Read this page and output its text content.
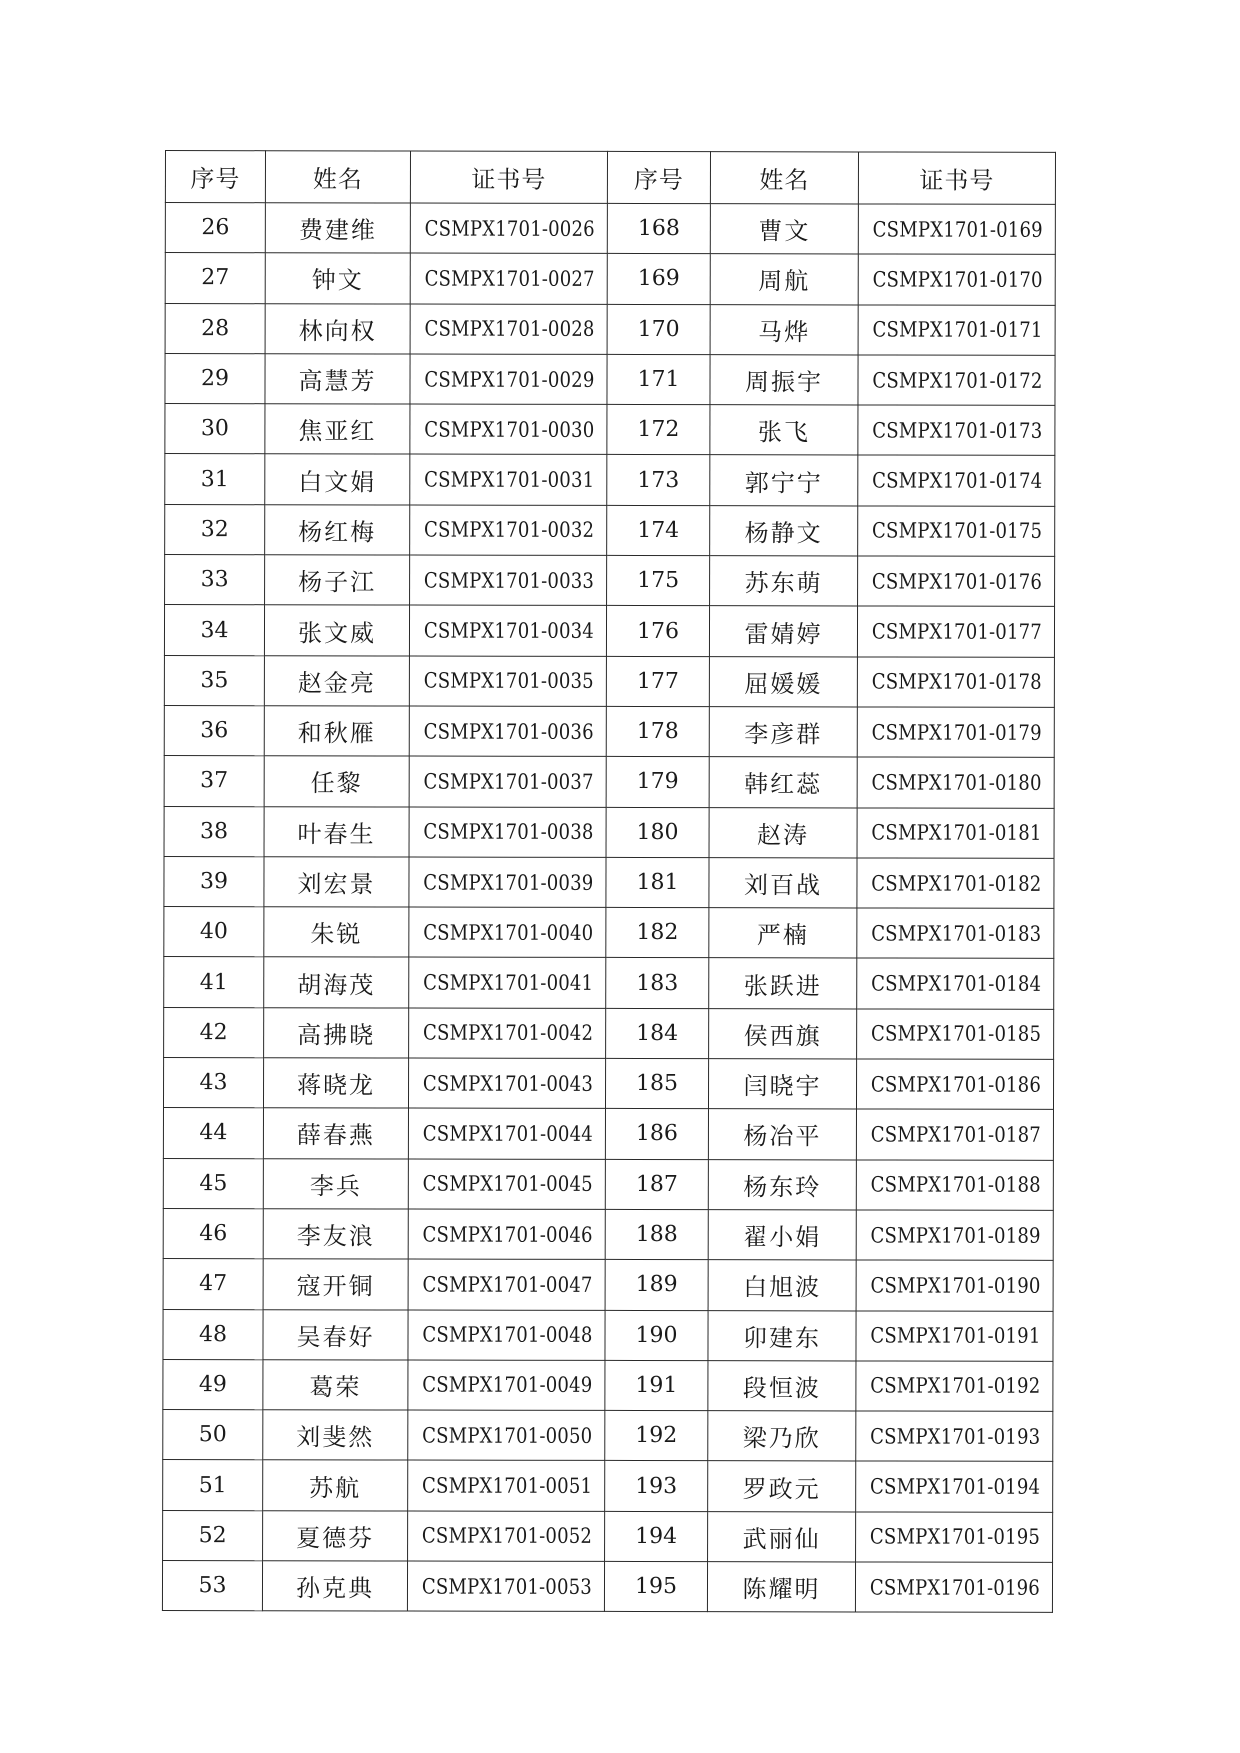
序号	姓名	证书号	序号	姓名	证书号
26	费建维	CSMPX1701-0026	168	曹文	CSMPX1701-0169
27	钟文	CSMPX1701-0027	169	周航	CSMPX1701-0170
28	林向权	CSMPX1701-0028	170	马烨	CSMPX1701-0171
29	高慧芳	CSMPX1701-0029	171	周振宇	CSMPX1701-0172
30	焦亚红	CSMPX1701-0030	172	张飞	CSMPX1701-0173
31	白文娟	CSMPX1701-0031	173	郭宁宁	CSMPX1701-0174
32	杨红梅	CSMPX1701-0032	174	杨静文	CSMPX1701-0175
33	杨子江	CSMPX1701-0033	175	苏东萌	CSMPX1701-0176
34	张文威	CSMPX1701-0034	176	雷婧婷	CSMPX1701-0177
35	赵金亮	CSMPX1701-0035	177	屈媛媛	CSMPX1701-0178
36	和秋雁	CSMPX1701-0036	178	李彦群	CSMPX1701-0179
37	任黎	CSMPX1701-0037	179	韩红蕊	CSMPX1701-0180
38	叶春生	CSMPX1701-0038	180	赵涛	CSMPX1701-0181
39	刘宏景	CSMPX1701-0039	181	刘百战	CSMPX1701-0182
40	朱锐	CSMPX1701-0040	182	严楠	CSMPX1701-0183
41	胡海茂	CSMPX1701-0041	183	张跃进	CSMPX1701-0184
42	高拂晓	CSMPX1701-0042	184	侯西旗	CSMPX1701-0185
43	蒋晓龙	CSMPX1701-0043	185	闫晓宇	CSMPX1701-0186
44	薛春燕	CSMPX1701-0044	186	杨冶平	CSMPX1701-0187
45	李兵	CSMPX1701-0045	187	杨东玲	CSMPX1701-0188
46	李友浪	CSMPX1701-0046	188	翟小娟	CSMPX1701-0189
47	寇开铜	CSMPX1701-0047	189	白旭波	CSMPX1701-0190
48	吴春好	CSMPX1701-0048	190	卯建东	CSMPX1701-0191
49	葛荣	CSMPX1701-0049	191	段恒波	CSMPX1701-0192
50	刘斐然	CSMPX1701-0050	192	梁乃欣	CSMPX1701-0193
51	苏航	CSMPX1701-0051	193	罗政元	CSMPX1701-0194
52	夏德芬	CSMPX1701-0052	194	武丽仙	CSMPX1701-0195
53	孙克典	CSMPX1701-0053	195	陈耀明	CSMPX1701-0196
